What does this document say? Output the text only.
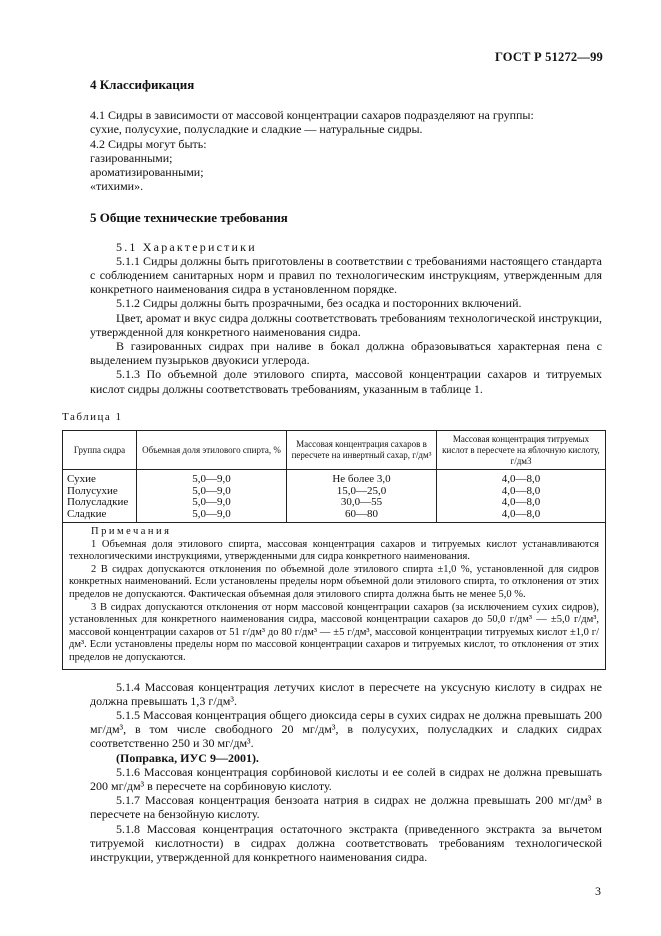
ГОСТ Р 51272—99
4 Классификация

4.1 Сидры в зависимости от массовой концентрации сахаров подразделяют на группы:

сухие, полусухие, полусладкие и сладкие — натуральные сидры.

4.2 Сидры могут быть:

газированными;

ароматизированными;

«тихими».

5 Общие технические требования

5.1 Характеристики

5.1.1 Сидры должны быть приготовлены в соответствии с требованиями настоящего стандарта с соблюдением санитарных норм и правил по технологическим инструкциям, утвержденным для конкретного наименования сидра в установленном порядке.

5.1.2 Сидры должны быть прозрачными, без осадка и посторонних включений.

Цвет, аромат и вкус сидра должны соответствовать требованиям технологической инструкции, утвержденной для конкретного наименования сидра.

В газированных сидрах при наливе в бокал должна образовываться характерная пена с выделением пузырьков двуокиси углерода.

5.1.3 По объемной доле этилового спирта, массовой концентрации сахаров и титруемых кислот сидры должны соответствовать требованиям, указанным в таблице 1.

Таблица 1

Группа сидра	Объемная доля этилового спирта, %
Массовая концентрация сахаров в пересчете на инвертный сахар, г/дм³
Массовая концентрация титруемых кислот в пересчете на яблочную кислоту, г/дм3
Сухие
Полусухие
Полусладкие
Сладкие
5,0—9,0
5,0—9,0
5,0—9,0
5,0—9,0
Не более 3,0
15,0—25,0
30,0—55
60—80
4,0—8,0
4,0—8,0
4,0—8,0
4,0—8,0

Примечания

1 Объемная доля этилового спирта, массовая концентрация сахаров и титруемых кислот устанавливаются технологическими инструкциями, утвержденными для сидра конкретного наименования.

2 В сидрах допускаются отклонения по объемной доле этилового спирта ±1,0 %, установленной для сидров конкретных наименований. Если установлены пределы норм объемной доли этилового спирта, то отклонения от этих пределов не допускаются. Фактическая объемная доля этилового спирта должна быть не менее 5,0 %.

3 В сидрах допускаются отклонения от норм массовой концентрации сахаров (за исключением сухих сидров), установленных для конкретного наименования сидра, массовой концентрации сахаров до 50,0 г/дм³ — ±5,0 г/дм³, массовой концентрации сахаров от 51 г/дм³ до 80 г/дм³ — ±5 г/дм³, массовой концентрации титруемых кислот ±1,0 г/дм³. Если установлены пределы норм по массовой концентрации сахаров и титруемых кислот, то отклонения от этих пределов не допускаются.

5.1.4 Массовая концентрация летучих кислот в пересчете на уксусную кислоту в сидрах не должна превышать 1,3 г/дм³.

5.1.5 Массовая концентрация общего диоксида серы в сухих сидрах не должна превышать 200 мг/дм³, в том числе свободного 20 мг/дм³, в полусухих, полусладких и сладких сидрах соответственно 250 и 30 мг/дм³.

(Поправка, ИУС 9—2001).

5.1.6 Массовая концентрация сорбиновой кислоты и ее солей в сидрах не должна превышать 200 мг/дм³ в пересчете на сорбиновую кислоту.

5.1.7 Массовая концентрация бензоата натрия в сидрах не должна превышать 200 мг/дм³ в пересчете на бензойную кислоту.

5.1.8 Массовая концентрация остаточного экстракта (приведенного экстракта за вычетом титруемой кислотности) в сидрах должна соответствовать требованиям технологической инструкции, утвержденной для конкретного наименования сидра.

3
